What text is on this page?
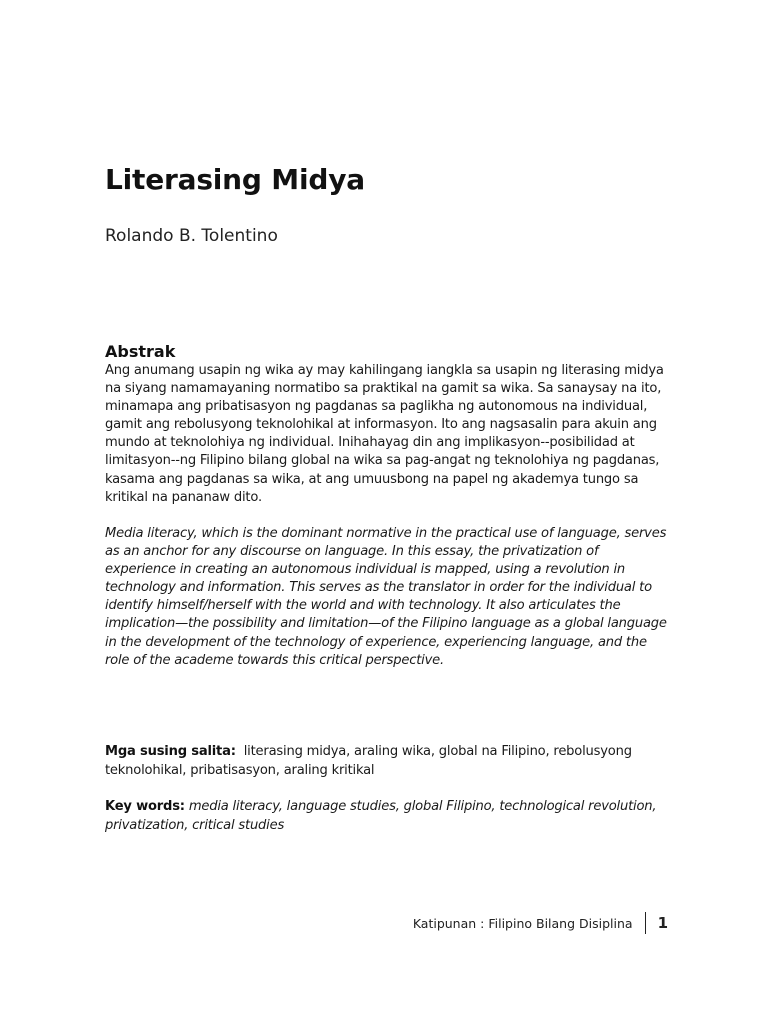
Literasing Midya

Rolando B. Tolentino

Abstrak

Ang anumang usapin ng wika ay may kahilingang iangkla sa usapin ng literasing midya na siyang namamayaning normatibo sa praktikal na gamit sa wika. Sa sanaysay na ito, minamapa ang pribatisasyon ng pagdanas sa paglikha ng autonomous na individual, gamit ang rebolusyong teknolohikal at informasyon. Ito ang nagsasalin para akuin ang mundo at teknolohiya ng individual. Inihahayag din ang implikasyon--posibilidad at limitasyon--ng Filipino bilang global na wika sa pag-angat ng teknolohiya ng pagdanas, kasama ang pagdanas sa wika, at ang umuusbong na papel ng akademya tungo sa kritikal na pananaw dito.

Media literacy, which is the dominant normative in the practical use of language, serves as an anchor for any discourse on language. In this essay, the privatization of experience in creating an autonomous individual is mapped, using a revolution in technology and information. This serves as the translator in order for the individual to identify himself/herself with the world and with technology. It also articulates the implication—the possibility and limitation—of the Filipino language as a global language in the development of the technology of experience, experiencing language, and the role of the academe towards this critical perspective.

Mga susing salita: literasing midya, araling wika, global na Filipino, rebolusyong teknolohikal, pribatisasyon, araling kritikal

Key words: media literacy, language studies, global Filipino, technological revolution, privatization, critical studies

Katipunan : Filipino Bilang Disiplina 1
